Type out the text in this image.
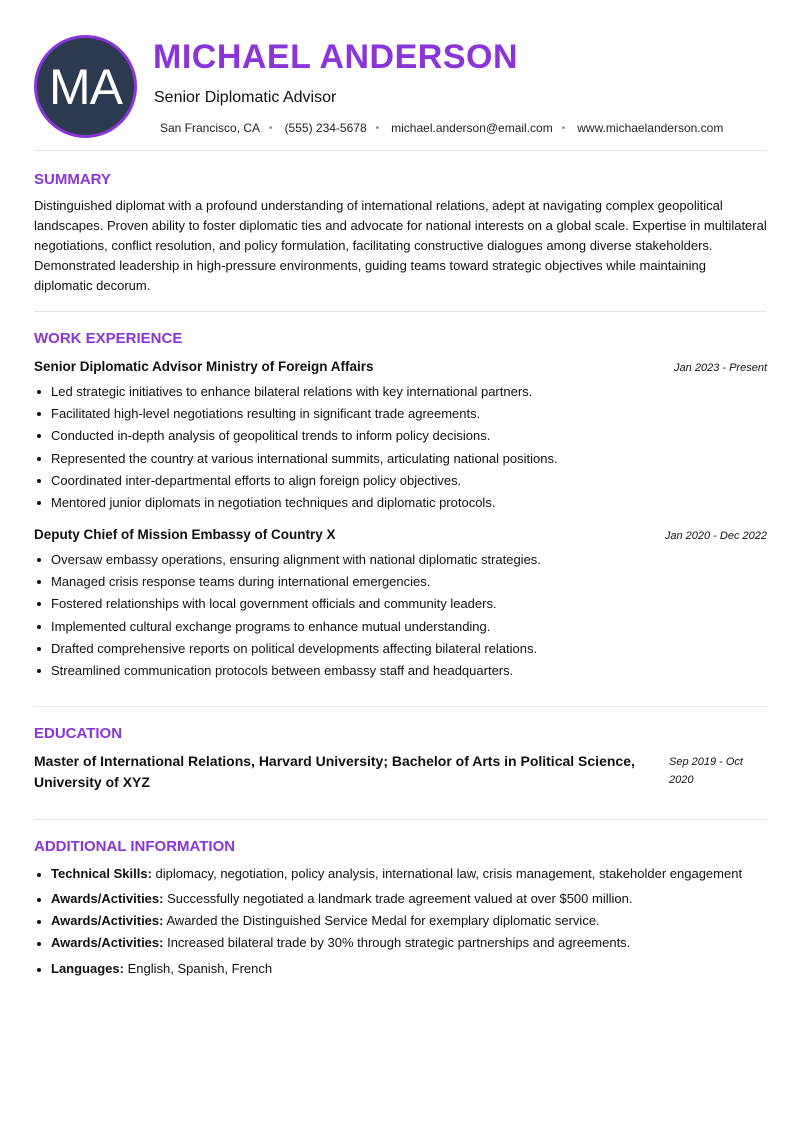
MA
MICHAEL ANDERSON
Senior Diplomatic Advisor
San Francisco, CA • (555) 234-5678 • michael.anderson@email.com • www.michaelanderson.com
SUMMARY
Distinguished diplomat with a profound understanding of international relations, adept at navigating complex geopolitical landscapes. Proven ability to foster diplomatic ties and advocate for national interests on a global scale. Expertise in multilateral negotiations, conflict resolution, and policy formulation, facilitating constructive dialogues among diverse stakeholders. Demonstrated leadership in high-pressure environments, guiding teams toward strategic objectives while maintaining diplomatic decorum.
WORK EXPERIENCE
Senior Diplomatic Advisor Ministry of Foreign Affairs	Jan 2023 - Present
Led strategic initiatives to enhance bilateral relations with key international partners.
Facilitated high-level negotiations resulting in significant trade agreements.
Conducted in-depth analysis of geopolitical trends to inform policy decisions.
Represented the country at various international summits, articulating national positions.
Coordinated inter-departmental efforts to align foreign policy objectives.
Mentored junior diplomats in negotiation techniques and diplomatic protocols.
Deputy Chief of Mission Embassy of Country X	Jan 2020 - Dec 2022
Oversaw embassy operations, ensuring alignment with national diplomatic strategies.
Managed crisis response teams during international emergencies.
Fostered relationships with local government officials and community leaders.
Implemented cultural exchange programs to enhance mutual understanding.
Drafted comprehensive reports on political developments affecting bilateral relations.
Streamlined communication protocols between embassy staff and headquarters.
EDUCATION
Master of International Relations, Harvard University; Bachelor of Arts in Political Science, University of XYZ
Sep 2019 - Oct 2020
ADDITIONAL INFORMATION
Technical Skills: diplomacy, negotiation, policy analysis, international law, crisis management, stakeholder engagement
Awards/Activities: Successfully negotiated a landmark trade agreement valued at over $500 million.
Awards/Activities: Awarded the Distinguished Service Medal for exemplary diplomatic service.
Awards/Activities: Increased bilateral trade by 30% through strategic partnerships and agreements.
Languages: English, Spanish, French
